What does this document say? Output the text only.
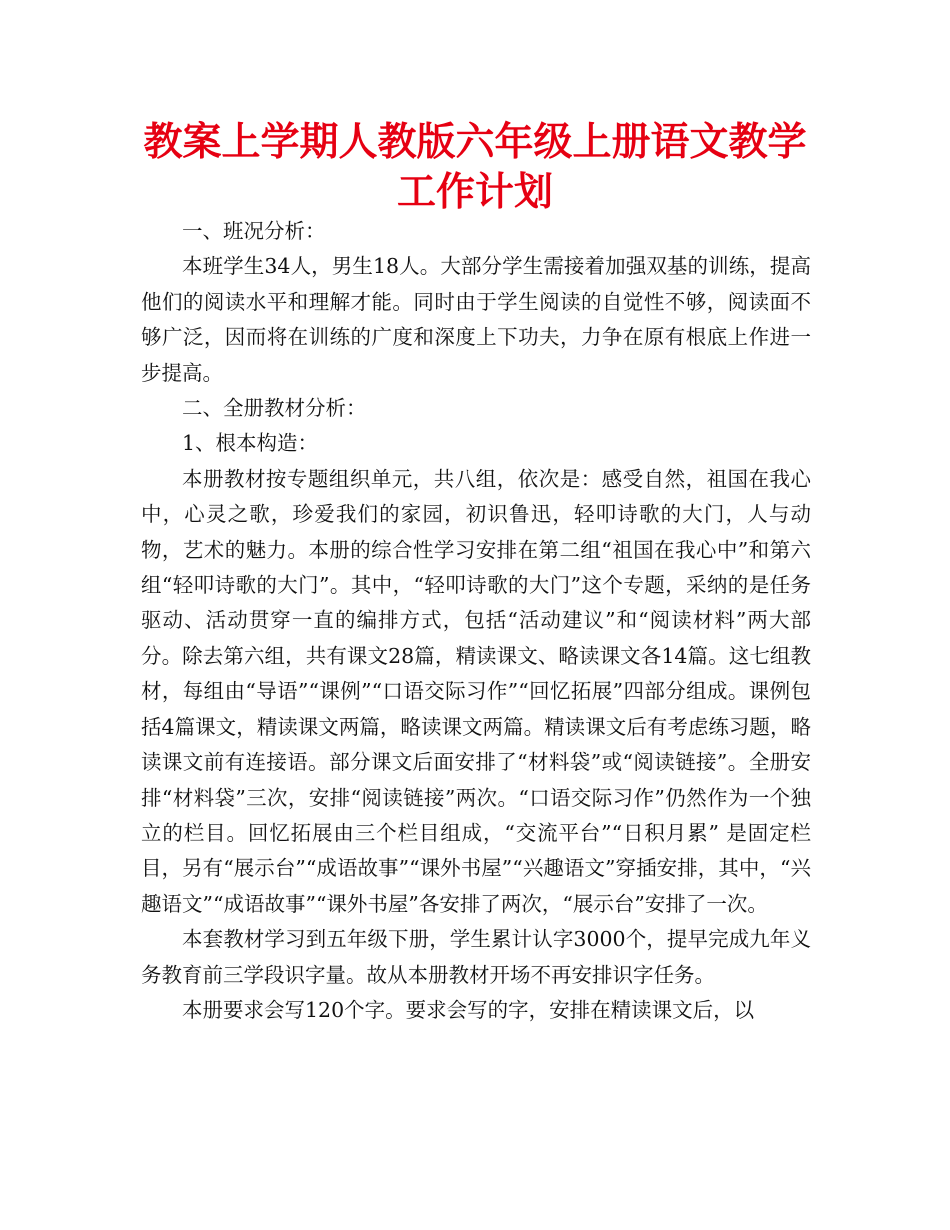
教案上学期人教版六年级上册语文教学工作计划

一、班况分析：

本班学生34人，男生18人。大部分学生需接着加强双基的训练，提高他们的阅读水平和理解才能。同时由于学生阅读的自觉性不够，阅读面不够广泛，因而将在训练的广度和深度上下功夫，力争在原有根底上作进一步提高。

二、全册教材分析：

1、根本构造：

本册教材按专题组织单元，共八组，依次是：感受自然，祖国在我心中，心灵之歌，珍爱我们的家园，初识鲁迅，轻叩诗歌的大门，人与动物，艺术的魅力。本册的综合性学习安排在第二组“祖国在我心中”和第六组“轻叩诗歌的大门”。其中，“轻叩诗歌的大门”这个专题，采纳的是任务驱动、活动贯穿一直的编排方式，包括“活动建议”和“阅读材料”两大部分。除去第六组，共有课文28篇，精读课文、略读课文各14篇。这七组教材，每组由“导语”“课例”“口语交际习作”“回忆拓展”四部分组成。课例包括4篇课文，精读课文两篇，略读课文两篇。精读课文后有考虑练习题，略读课文前有连接语。部分课文后面安排了“材料袋”或“阅读链接”。全册安排“材料袋”三次，安排“阅读链接”两次。“口语交际习作”仍然作为一个独立的栏目。回忆拓展由三个栏目组成，“交流平台”“日积月累” 是固定栏目，另有“展示台”“成语故事”“课外书屋”“兴趣语文”穿插安排，其中，“兴趣语文”“成语故事”“课外书屋”各安排了两次，“展示台”安排了一次。

本套教材学习到五年级下册，学生累计认字3000个，提早完成九年义务教育前三学段识字量。故从本册教材开场不再安排识字任务。

本册要求会写120个字。要求会写的字，安排在精读课文后，以
